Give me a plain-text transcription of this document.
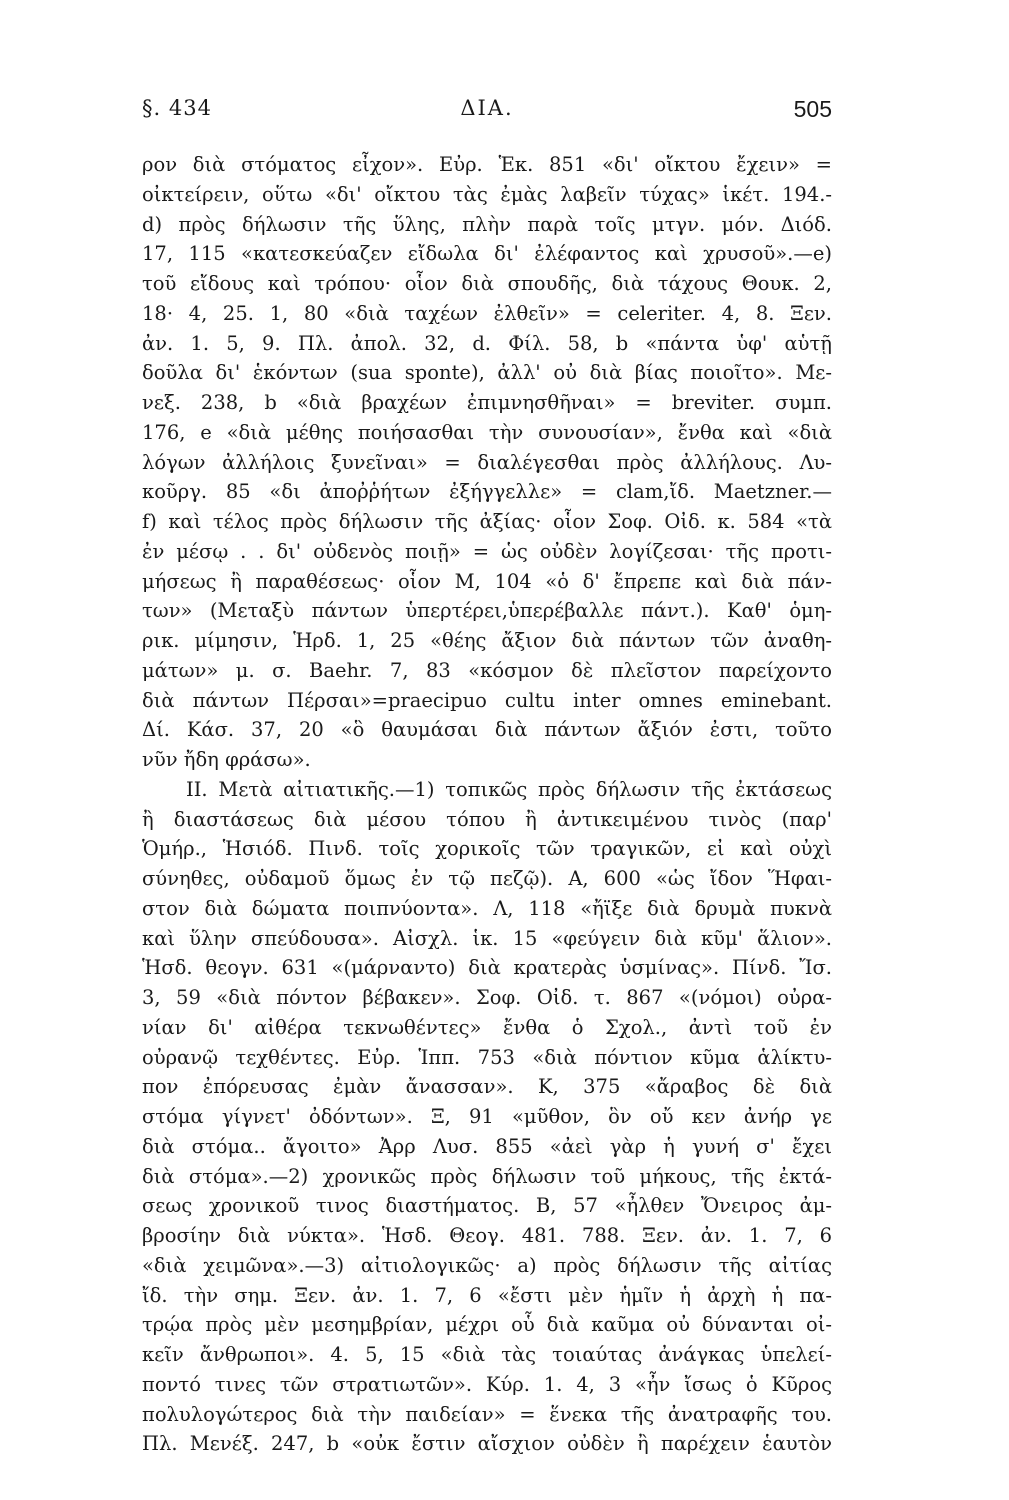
§. 434	ΔΙΑ.	505
ρον διὰ στόματος εἶχον». Εὐρ. Ἑκ. 851 «δι' οἴκτου ἔχειν» =
οἰκτείρειν, οὕτω «δι' οἴκτου τὰς ἐμὰς λαβεῖν τύχας» ἱκέτ. 194.-
d) πρὸς δήλωσιν τῆς ὕλης, πλὴν παρὰ τοῖς μτγν. μόν. Διόδ.
17, 115 «κατεσκεύαζεν εἴδωλα δι' ἐλέφαντος καὶ χρυσοῦ».—e)
τοῦ εἴδους καὶ τρόπου· οἷον διὰ σπουδῆς, διὰ τάχους Θουκ. 2,
18· 4, 25. 1, 80 «διὰ ταχέων ἐλθεῖν» = celeriter. 4, 8. Ξεν.
ἀν. 1. 5, 9. Πλ. ἀπολ. 32, d. Φίλ. 58, b «πάντα ὑφ' αὑτῇ
δοῦλα δι' ἑκόντων (sua sponte), ἀλλ' οὐ διὰ βίας ποιοῖτο». Με-
νεξ. 238, b «διὰ βραχέων ἐπιμνησθῆναι» = breviter. συμπ.
176, e «διὰ μέθης ποιήσασθαι τὴν συνουσίαν», ἔνθα καὶ «διὰ
λόγων ἀλλήλοις ξυνεῖναι» = διαλέγεσθαι πρὸς ἀλλήλους. Λυ-
κοῦργ. 85 «δι ἀποῤῥήτων ἐξήγγελλε» = clam,ἴδ. Maetzner.—
f) καὶ τέλος πρὸς δήλωσιν τῆς ἀξίας· οἷον Σοφ. Οἰδ. κ. 584 «τὰ
ἐν μέσῳ . . δι' οὐδενὸς ποιῇ» = ὡς οὐδὲν λογίζεσαι· τῆς προτι-
μήσεως ἢ παραθέσεως· οἷον Μ, 104 «ὁ δ' ἔπρεπε καὶ διὰ πάν-
των» (Μεταξὺ πάντων ὑπερτέρει,ὑπερέβαλλε πάντ.). Καθ' ὁμη-
ρικ. μίμησιν, Ἡρδ. 1, 25 «θέης ἄξιον διὰ πάντων τῶν ἀναθη-
μάτων» μ. σ. Baehr. 7, 83 «κόσμον δὲ πλεῖστον παρείχοντο
διὰ πάντων Πέρσαι»=praecipuo cultu inter omnes eminebant.
Δί. Κάσ. 37, 20 «ὃ θαυμάσαι διὰ πάντων ἄξιόν ἐστι, τοῦτο
νῦν ἤδη φράσω».
II. Μετὰ αἰτιατικῆς.—1) τοπικῶς πρὸς δήλωσιν τῆς ἐκτάσεως
ἢ διαστάσεως διὰ μέσου τόπου ἢ ἀντικειμένου τινὸς (παρ'
Ὁμήρ., Ἡσιόδ. Πινδ. τοῖς χορικοῖς τῶν τραγικῶν, εἰ καὶ οὐχὶ
σύνηθες, οὐδαμοῦ ὅμως ἐν τῷ πεζῷ). Α, 600 «ὡς ἴδον Ἥφαι-
στον διὰ δώματα ποιπνύοντα». Λ, 118 «ἤϊξε διὰ δρυμὰ πυκνὰ
καὶ ὕλην σπεύδουσα». Αἰσχλ. ἱκ. 15 «φεύγειν διὰ κῦμ' ἅλιον».
Ἡσδ. θεογν. 631 «(μάρναντο) διὰ κρατερὰς ὑσμίνας». Πίνδ. Ἴσ.
3, 59 «διὰ πόντον βέβακεν». Σοφ. Οἰδ. τ. 867 «(νόμοι) οὐρα-
νίαν δι' αἰθέρα τεκνωθέντες» ἔνθα ὁ Σχολ., ἀντὶ τοῦ ἐν
οὐρανῷ τεχθέντες. Εὐρ. Ἱππ. 753 «διὰ πόντιον κῦμα ἁλίκτυ-
πον ἐπόρευσας ἐμὰν ἄνασσαν». Κ, 375 «ἄραβος δὲ διὰ
στόμα γίγνετ' ὀδόντων». Ξ, 91 «μῦθον, ὃν οὔ κεν ἀνήρ γε
διὰ στόμα.. ἄγοιτο» Ἀρρ Λυσ. 855 «ἀεὶ γὰρ ἡ γυνή σ' ἔχει
διὰ στόμα».—2) χρονικῶς πρὸς δήλωσιν τοῦ μήκους, τῆς ἐκτά-
σεως χρονικοῦ τινος διαστήματος. Β, 57 «ἦλθεν Ὄνειρος ἀμ-
βροσίην διὰ νύκτα». Ἡσδ. Θεογ. 481. 788. Ξεν. ἀν. 1. 7, 6
«διὰ χειμῶνα».—3) αἰτιολογικῶς· a) πρὸς δήλωσιν τῆς αἰτίας
ἴδ. τὴν σημ. Ξεν. ἀν. 1. 7, 6 «ἔστι μὲν ἡμῖν ἡ ἀρχὴ ἡ πα-
τρῴα πρὸς μὲν μεσημβρίαν, μέχρι οὗ διὰ καῦμα οὐ δύνανται οἰ-
κεῖν ἄνθρωποι». 4. 5, 15 «διὰ τὰς τοιαύτας ἀνάγκας ὑπελεί-
ποντό τινες τῶν στρατιωτῶν». Κύρ. 1. 4, 3 «ἦν ἴσως ὁ Κῦρος
πολυλογώτερος διὰ τὴν παιδείαν» = ἕνεκα τῆς ἀνατραφῆς του.
Πλ. Μενέξ. 247, b «οὐκ ἔστιν αἴσχιον οὐδὲν ἢ παρέχειν ἑαυτὸν
